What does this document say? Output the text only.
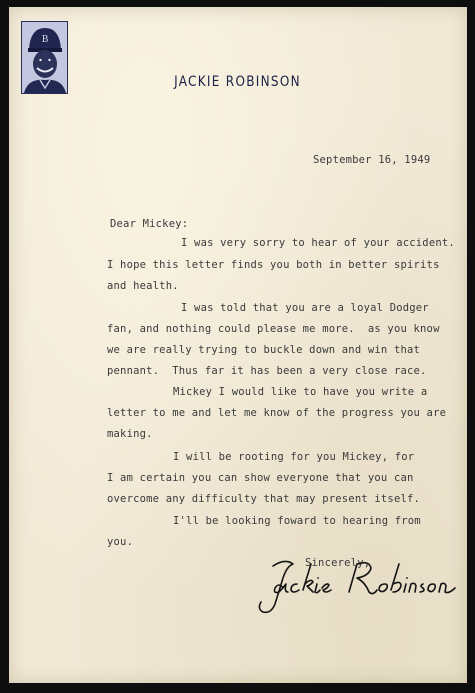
B
JACKIE ROBINSON
September 16, 1949
Dear Mickey:
I was very sorry to hear of your accident.
I hope this letter finds you both in better spirits
and health.
I was told that you are a loyal Dodger
fan, and nothing could please me more.  as you know
we are really trying to buckle down and win that
pennant.  Thus far it has been a very close race.
Mickey I would like to have you write a
letter to me and let me know of the progress you are
making.
I will be rooting for you Mickey, for
I am certain you can show everyone that you can
overcome any difficulty that may present itself.
I'll be looking foward to hearing from
you.
Sincerely,
